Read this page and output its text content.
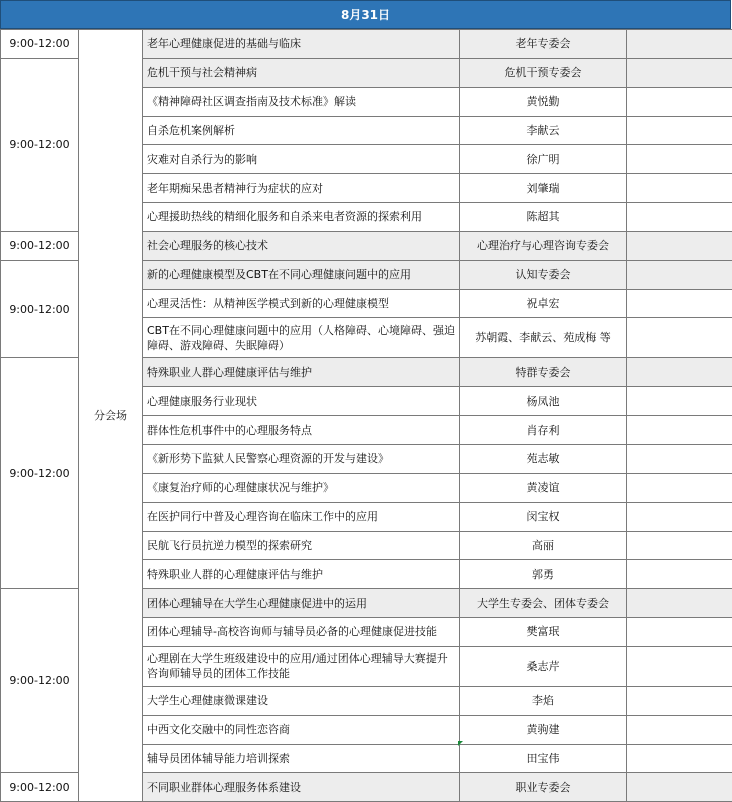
8月31日
9:00-12:00	分会场	老年心理健康促进的基础与临床	老年专委会	
9:00-12:00		危机干预与社会精神病	危机干预专委会	
		《精神障碍社区调查指南及技术标准》解读	黄悦勤	
		自杀危机案例解析	李献云	
		灾难对自杀行为的影响	徐广明	
		老年期痴呆患者精神行为症状的应对	刘肇瑞	
		心理援助热线的精细化服务和自杀来电者资源的探索利用	陈超其	
9:00-12:00		社会心理服务的核心技术	心理治疗与心理咨询专委会	
9:00-12:00		新的心理健康模型及CBT在不同心理健康问题中的应用	认知专委会	
		心理灵活性：从精神医学模式到新的心理健康模型	祝卓宏	
		CBT在不同心理健康问题中的应用（人格障碍、心境障碍、强迫障碍、游戏障碍、失眠障碍）	苏朝霞、李献云、苑成梅 等	
9:00-12:00		特殊职业人群心理健康评估与维护	特群专委会	
		心理健康服务行业现状	杨凤池	
		群体性危机事件中的心理服务特点	肖存利	
		《新形势下监狱人民警察心理资源的开发与建设》	苑志敏	
		《康复治疗师的心理健康状况与维护》	黄凌谊	
		在医护同行中普及心理咨询在临床工作中的应用	闵宝权	
		民航飞行员抗逆力模型的探索研究	高丽	
		特殊职业人群的心理健康评估与维护	郭勇	
9:00-12:00		团体心理辅导在大学生心理健康促进中的运用	大学生专委会、团体专委会	
		团体心理辅导-高校咨询师与辅导员必备的心理健康促进技能	樊富珉	
		心理剧在大学生班级建设中的应用/通过团体心理辅导大赛提升咨询师辅导员的团体工作技能	桑志芹	
		大学生心理健康微课建设	李焰	
		中西文化交融中的同性恋咨商	黄驹建	
		辅导员团体辅导能力培训探索	田宝伟	
9:00-12:00		不同职业群体心理服务体系建设	职业专委会	
